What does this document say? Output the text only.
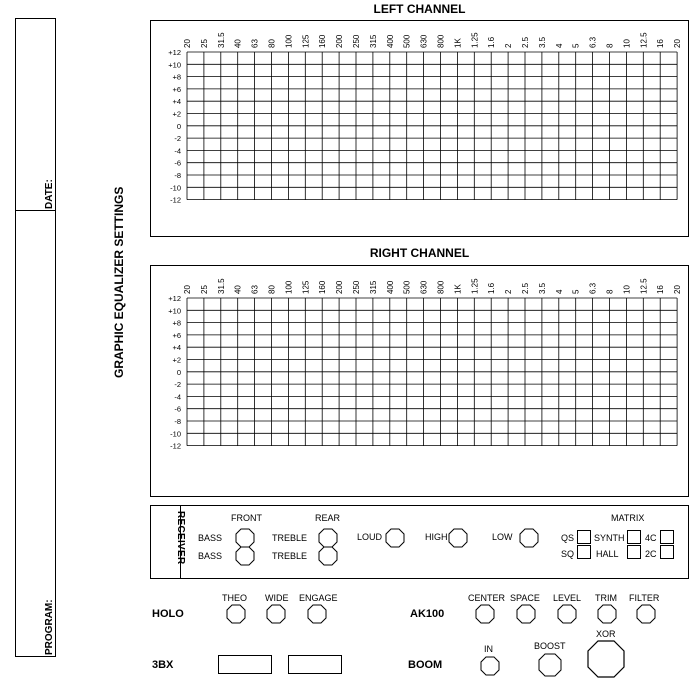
DATE:
PROGRAM:
GRAPHIC EQUALIZER SETTINGS
LEFT CHANNEL
20 25 31.5 40 63 80 100 125 160 200 250 315 400 500 630 800 1K 1.25 1.6 2 2.5 3.5 4 5 6.3 8 10 12.5 16 20
+12
+10
+8
+6
+4
+2
0
-2
-4
-6
-8
-10
-12
RIGHT CHANNEL
20 25 31.5 40 63 80 100 125 160 200 250 315 400 500 630 800 1K 1.25 1.6 2 2.5 3.5 4 5 6.3 8 10 12.5 16 20
+12
+10
+8
+6
+4
+2
0
-2
-4
-6
-8
-10
-12
RECEIVER	FRONT	REAR
BASS
BASS
TREBLE
TREBLE
LOUD	HIGH	LOW
MATRIX
QS
SQ
SYNTH
HALL
4C
2C
HOLO
THEO WIDE ENGAGE
AK100
CENTER SPACE LEVEL TRIM FILTER
3BX	BOOM
IN	BOOST
XOR
